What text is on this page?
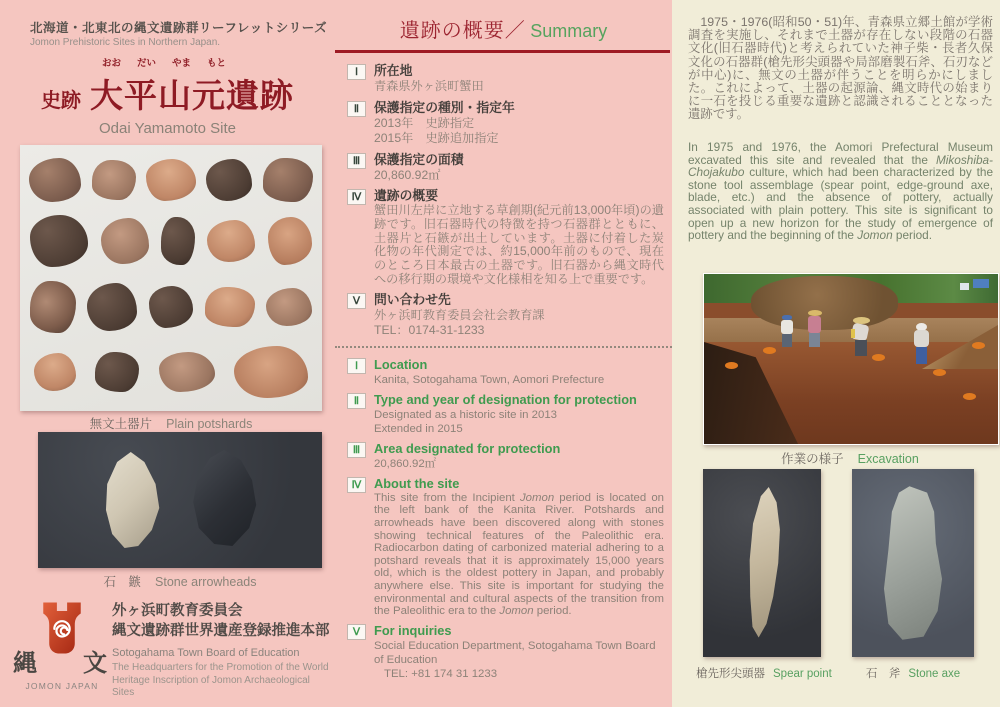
北海道・北東北の縄文遺跡群リーフレットシリーズ
Jomon Prehistoric Sites in Northern Japan.
おお だい やま もと
史跡 大平山元遺跡
Odai Yamamoto Site
無文土器片 Plain potshards
石　鏃 Stone arrowheads
縄 文
JOMON JAPAN
外ヶ浜町教育委員会
縄文遺跡群世界遺産登録推進本部
Sotogahama Town Board of Education
The Headquarters for the Promotion of the World
Heritage Inscription of Jomon Archaeological Sites
遺跡の概要／ Summary
Ⅰ	所在地
青森県外ヶ浜町蟹田
Ⅱ	保護指定の種別・指定年
2013年　史跡指定
2015年　史跡追加指定
Ⅲ	保護指定の面積
20,860.92㎡
Ⅳ 遺跡の概要
蟹田川左岸に立地する草創期(紀元前13,000年頃)の遺跡です。旧石器時代の特徴を持つ石器群とともに、土器片と石鏃が出土しています。土器に付着した炭化物の年代測定では、約15,000年前のもので、現在のところ日本最古の土器です。旧石器から縄文時代への移行期の環境や文化様相を知る上で重要です。
Ⅴ	問い合わせ先
外ヶ浜町教育委員会社会教育課
TEL：0174-31-1233
Ⅰ	Location
Kanita, Sotogahama Town, Aomori Prefecture
Ⅱ	Type and year of designation for protection
Designated as a historic site in 2013
Extended in 2015
Ⅲ	Area designated for protection
20,860.92㎡
Ⅳ About the site
This site from the Incipient Jomon period is located on the left bank of the Kanita River. Potshards and arrowheads have been discovered along with stones showing technical features of the Paleolithic era. Radiocarbon dating of carbonized material adhering to a potshard reveals that it is approximately 15,000 years old, which is the oldest pottery in Japan, and probably anywhere else. This site is important for studying the environmental and cultural aspects of the transition from the Paleolithic era to the Jomon period.
Ⅴ	For inquiries
Social Education Department, Sotogahama Town Board of Education
TEL: +81 174 31 1233
1975・1976(昭和50・51)年、青森県立郷土館が学術調査を実施し、それまで土器が存在しない段階の石器文化(旧石器時代)と考えられていた神子柴・長者久保文化の石器群(槍先形尖頭器や局部磨製石斧、石刃などが中心)に、無文の土器が伴うことを明らかにしました。これによって、土器の起源論、縄文時代の始まりに一石を投じる重要な遺跡と認識されることとなった遺跡です。
In 1975 and 1976, the Aomori Prefectural Museum excavated this site and revealed that the Mikoshiba-Chojakubo culture, which had been characterized by the stone tool assemblage (spear point, edge-ground axe, blade, etc.) and the absence of pottery, actually associated with plain pottery. This site is significant to open up a new horizon for the study of emergence of pottery and the beginning of the Jomon period.
作業の様子 Excavation
槍先形尖頭器 Spear point	石　斧 Stone axe
